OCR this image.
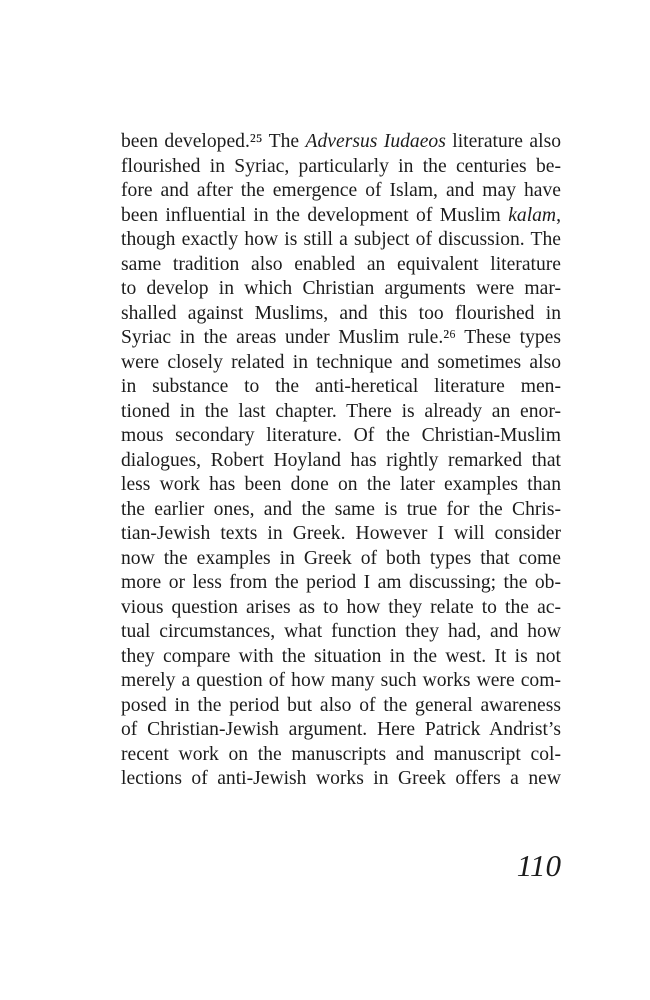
been developed.²⁵ The Adversus Iudaeos literature also
flourished in Syriac, particularly in the centuries be-
fore and after the emergence of Islam, and may have
been influential in the development of Muslim kalam,
though exactly how is still a subject of discussion. The
same tradition also enabled an equivalent literature
to develop in which Christian arguments were mar-
shalled against Muslims, and this too flourished in
Syriac in the areas under Muslim rule.²⁶ These types
were closely related in technique and sometimes also
in substance to the anti-heretical literature men-
tioned in the last chapter. There is already an enor-
mous secondary literature. Of the Christian-Muslim
dialogues, Robert Hoyland has rightly remarked that
less work has been done on the later examples than
the earlier ones, and the same is true for the Chris-
tian-Jewish texts in Greek. However I will consider
now the examples in Greek of both types that come
more or less from the period I am discussing; the ob-
vious question arises as to how they relate to the ac-
tual circumstances, what function they had, and how
they compare with the situation in the west. It is not
merely a question of how many such works were com-
posed in the period but also of the general awareness
of Christian-Jewish argument. Here Patrick Andrist’s
recent work on the manuscripts and manuscript col-
lections of anti-Jewish works in Greek offers a new
110
